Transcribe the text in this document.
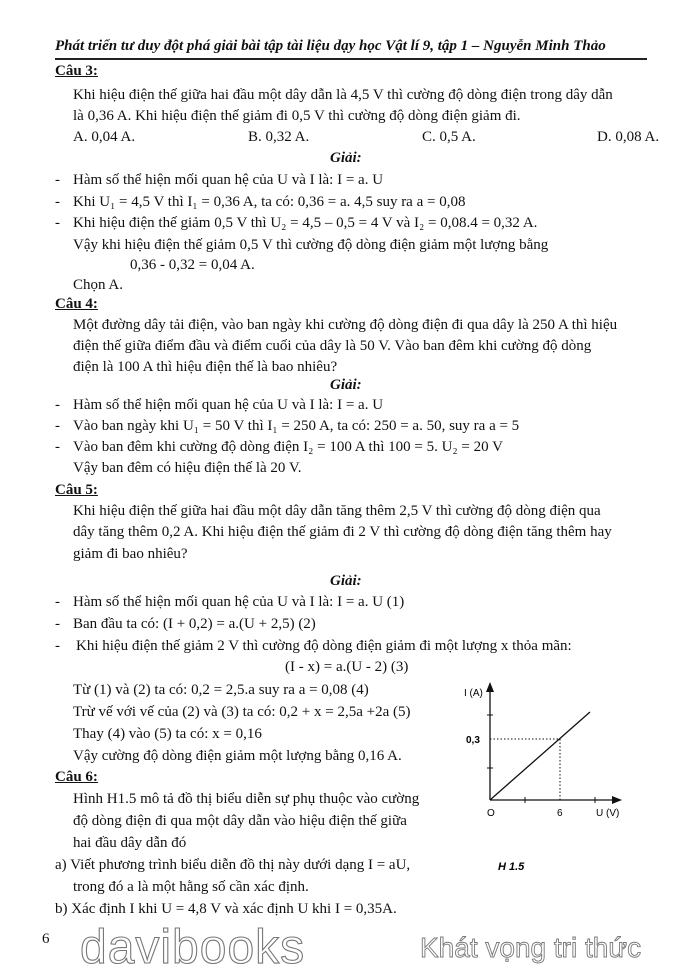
Phát triển tư duy đột phá giải bài tập tài liệu dạy học Vật lí 9, tập 1 – Nguyễn Minh Thảo
Câu 3:
Khi hiệu điện thế giữa hai đầu một dây dẫn là 4,5 V thì cường độ dòng điện trong dây dẫn
là 0,36 A. Khi hiệu điện thế giảm đi 0,5 V thì cường độ dòng điện giảm đi.
A. 0,04 A.	B. 0,32 A.	C. 0,5 A.	D. 0,08 A.
Giải:
- Hàm số thể hiện mối quan hệ của U và I là: I = a. U
- Khi U₁ = 4,5 V thì I₁ = 0,36 A, ta có: 0,36 = a. 4,5 suy ra a = 0,08
- Khi hiệu điện thế giảm 0,5 V thì U₂ = 4,5 – 0,5 = 4 V và I₂ = 0,08.4 = 0,32 A.
Vậy khi hiệu điện thế giảm 0,5 V thì cường độ dòng điện giảm một lượng bằng
0,36 - 0,32 = 0,04 A.
Chọn A.
Câu 4:
Một đường dây tải điện, vào ban ngày khi cường độ dòng điện đi qua dây là 250 A thì hiệu
điện thế giữa điểm đầu và điểm cuối của dây là 50 V. Vào ban đêm khi cường độ dòng
điện là 100 A thì hiệu điện thế là bao nhiêu?
Giải:
- Hàm số thể hiện mối quan hệ của U và I là: I = a. U
- Vào ban ngày khi U₁ = 50 V thì I₁ = 250 A, ta có: 250 = a. 50, suy ra a = 5
- Vào ban đêm khi cường độ dòng điện I₂ = 100 A thì 100 = 5. U₂ = 20 V
Vậy ban đêm có hiệu điện thế là 20 V.
Câu 5:
Khi hiệu điện thế giữa hai đầu một dây dẫn tăng thêm 2,5 V thì cường độ dòng điện qua
dây tăng thêm 0,2 A. Khi hiệu điện thế giảm đi 2 V thì cường độ dòng điện tăng thêm hay
giảm đi bao nhiêu?
Giải:
- Hàm số thể hiện mối quan hệ của U và I là: I = a. U (1)
- Ban đầu ta có: (I + 0,2) = a.(U + 2,5) (2)
- Khi hiệu điện thế giảm 2 V thì cường độ dòng điện giảm đi một lượng x thỏa mãn:
(I - x) = a.(U - 2) (3)
Từ (1) và (2) ta có: 0,2 = 2,5.a suy ra a = 0,08 (4)
Trừ vế với vế của (2) và (3) ta có: 0,2 + x = 2,5a +2a (5)
Thay (4) vào (5) ta có: x = 0,16
Vậy cường độ dòng điện giảm một lượng bằng 0,16 A.
Câu 6:
Hình H1.5 mô tả đồ thị biểu diễn sự phụ thuộc vào cường
độ dòng điện đi qua một dây dẫn vào hiệu điện thế giữa
hai đầu dây dẫn đó
a) Viết phương trình biểu diễn đồ thị này dưới dạng I = aU,
trong đó a là một hằng số cần xác định.
b) Xác định I khi U = 4,8 V và xác định U khi I = 0,35A.
I (A)
0,3
O	6	U (V)
H 1.5
6 davibooks	Khát vọng tri thức
